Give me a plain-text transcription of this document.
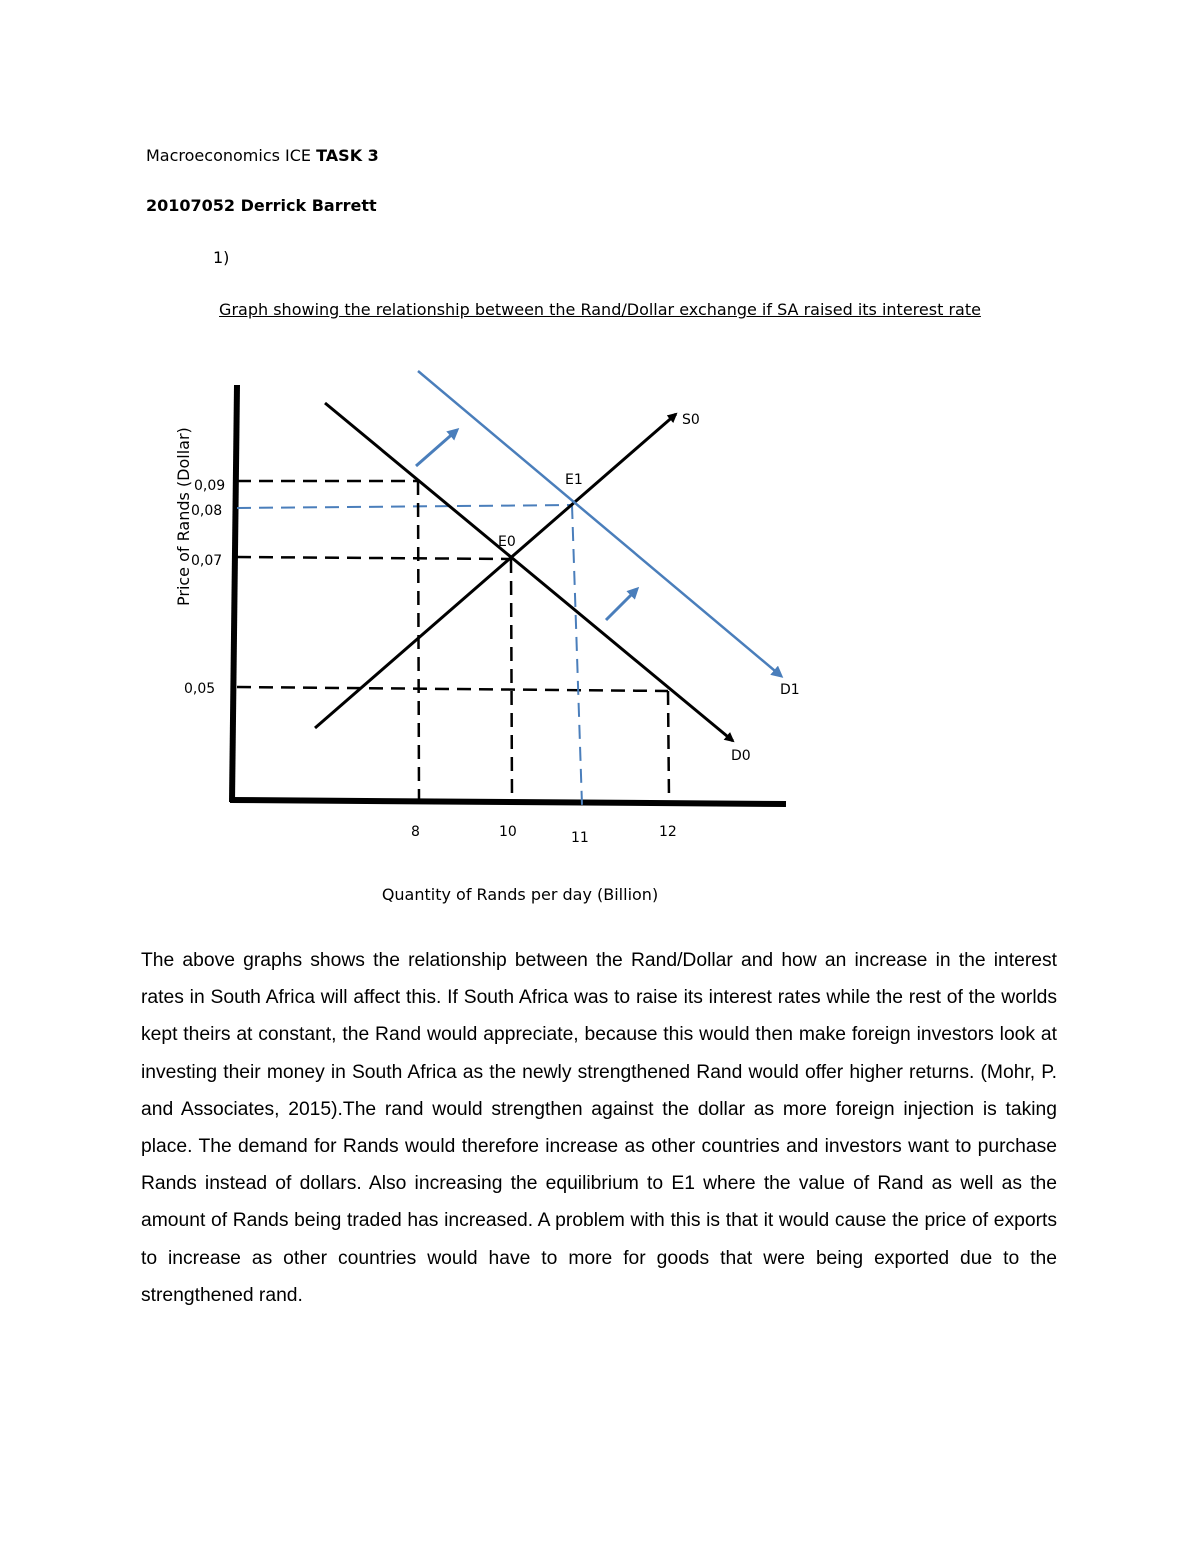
Macroeconomics ICE TASK 3
20107052 Derrick Barrett
1)
Graph showing the relationship between the Rand/Dollar exchange if SA raised its interest rate
Price of Rands (Dollar) 0,09
0,08
0,07
0,05
8	10	11	12
S0
D0
D1
E0
E1
Quantity of Rands per day (Billion)

The above graphs shows the relationship between the Rand/Dollar and how an increase in the interest rates in South Africa will affect this. If South Africa was to raise its interest rates while the rest of the worlds kept theirs at constant, the Rand would appreciate, because this would then make foreign investors look at investing their money in South Africa as the newly strengthened Rand would offer higher returns. (Mohr, P. and Associates, 2015).The rand would strengthen against the dollar as more foreign injection is taking place. The demand for Rands would therefore increase as other countries and investors want to purchase Rands instead of dollars. Also increasing the equilibrium to E1 where the value of Rand as well as the amount of Rands being traded has increased. A problem with this is that it would cause the price of exports to increase as other countries would have to more for goods that were being exported due to the strengthened rand.
